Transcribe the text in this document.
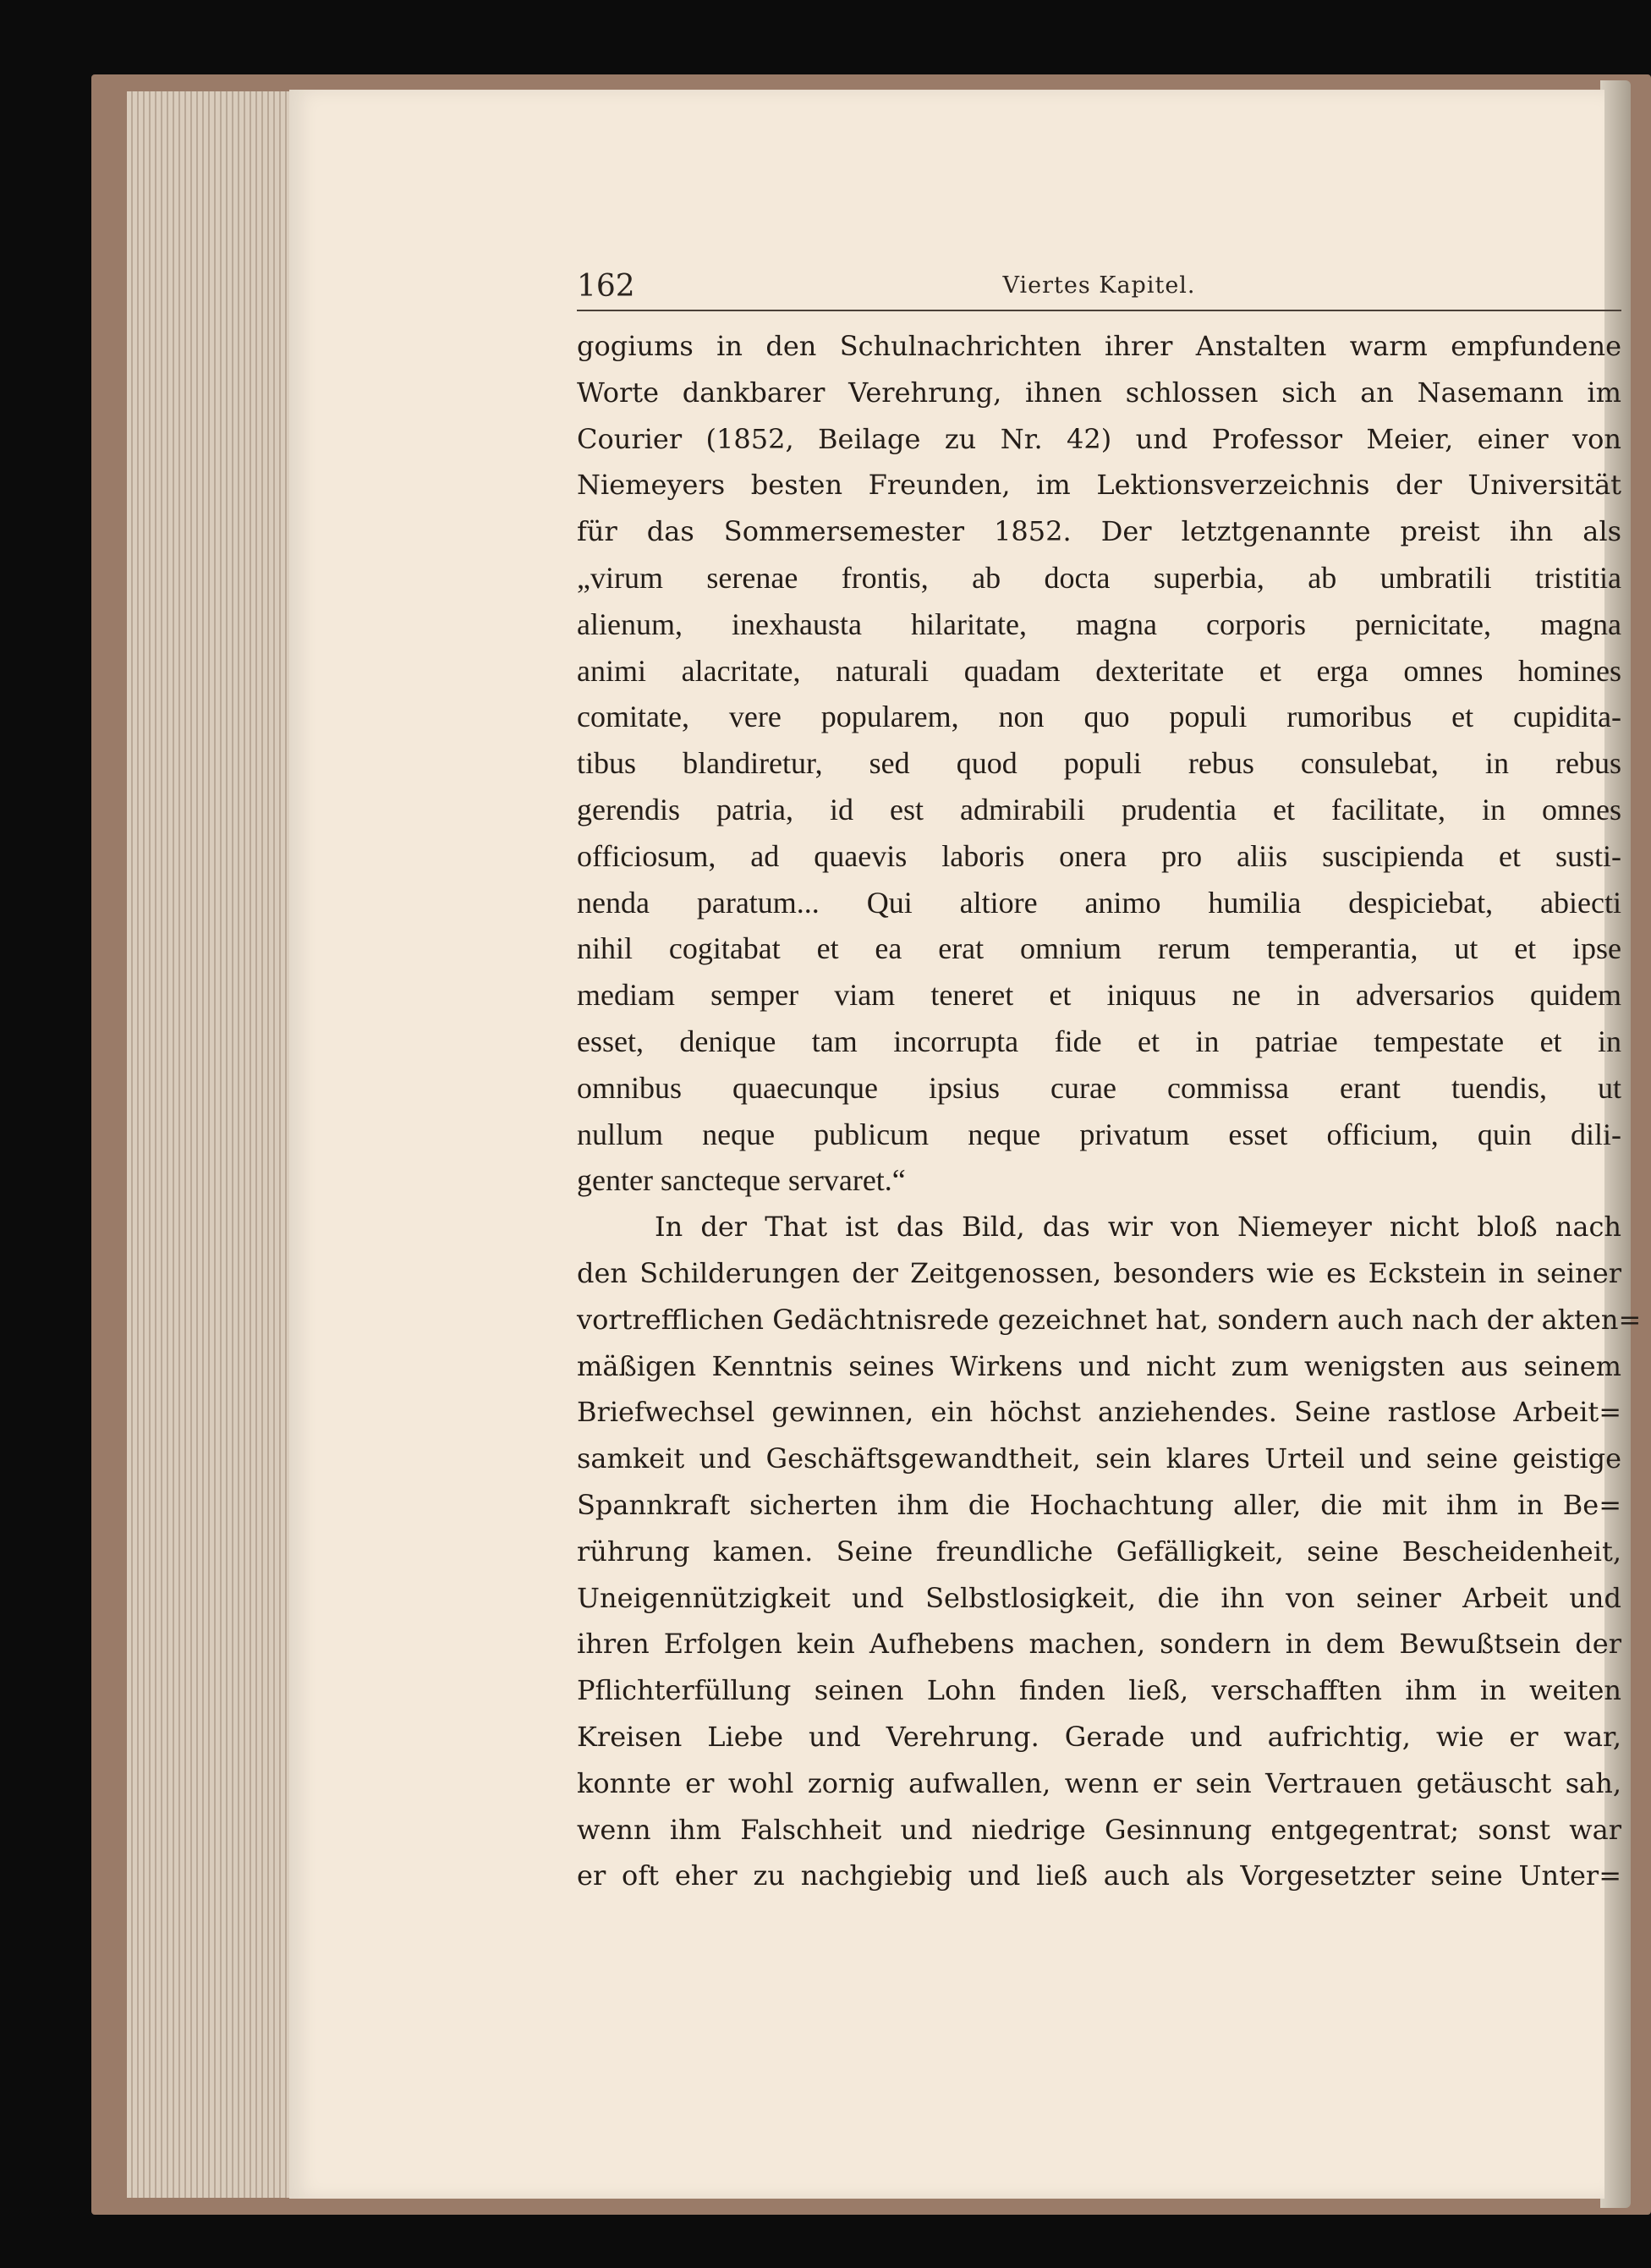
162	Viertes Kapitel.
gogiums in den Schulnachrichten ihrer Anstalten warm empfundene
Worte dankbarer Verehrung, ihnen schlossen sich an Nasemann im
Courier (1852, Beilage zu Nr. 42) und Professor Meier, einer von
Niemeyers besten Freunden, im Lektionsverzeichnis der Universität
für das Sommersemester 1852. Der letztgenannte preist ihn als
„virum serenae frontis, ab docta superbia, ab umbratili tristitia
alienum, inexhausta hilaritate, magna corporis pernicitate, magna
animi alacritate, naturali quadam dexteritate et erga omnes homines
comitate, vere popularem, non quo populi rumoribus et cupidita-
tibus blandiretur, sed quod populi rebus consulebat, in rebus
gerendis patria, id est admirabili prudentia et facilitate, in omnes
officiosum, ad quaevis laboris onera pro aliis suscipienda et susti-
nenda paratum... Qui altiore animo humilia despiciebat, abiecti
nihil cogitabat et ea erat omnium rerum temperantia, ut et ipse
mediam semper viam teneret et iniquus ne in adversarios quidem
esset, denique tam incorrupta fide et in patriae tempestate et in
omnibus quaecunque ipsius curae commissa erant tuendis, ut
nullum neque publicum neque privatum esset officium, quin dili-
genter sancteque servaret.“
In der That ist das Bild, das wir von Niemeyer nicht bloß nach
den Schilderungen der Zeitgenossen, besonders wie es Eckstein in seiner
vortrefflichen Gedächtnisrede gezeichnet hat, sondern auch nach der akten=
mäßigen Kenntnis seines Wirkens und nicht zum wenigsten aus seinem
Briefwechsel gewinnen, ein höchst anziehendes. Seine rastlose Arbeit=
samkeit und Geschäftsgewandtheit, sein klares Urteil und seine geistige
Spannkraft sicherten ihm die Hochachtung aller, die mit ihm in Be=
rührung kamen. Seine freundliche Gefälligkeit, seine Bescheidenheit,
Uneigennützigkeit und Selbstlosigkeit, die ihn von seiner Arbeit und
ihren Erfolgen kein Aufhebens machen, sondern in dem Bewußtsein der
Pflichterfüllung seinen Lohn finden ließ, verschafften ihm in weiten
Kreisen Liebe und Verehrung. Gerade und aufrichtig, wie er war,
konnte er wohl zornig aufwallen, wenn er sein Vertrauen getäuscht sah,
wenn ihm Falschheit und niedrige Gesinnung entgegentrat; sonst war
er oft eher zu nachgiebig und ließ auch als Vorgesetzter seine Unter=
